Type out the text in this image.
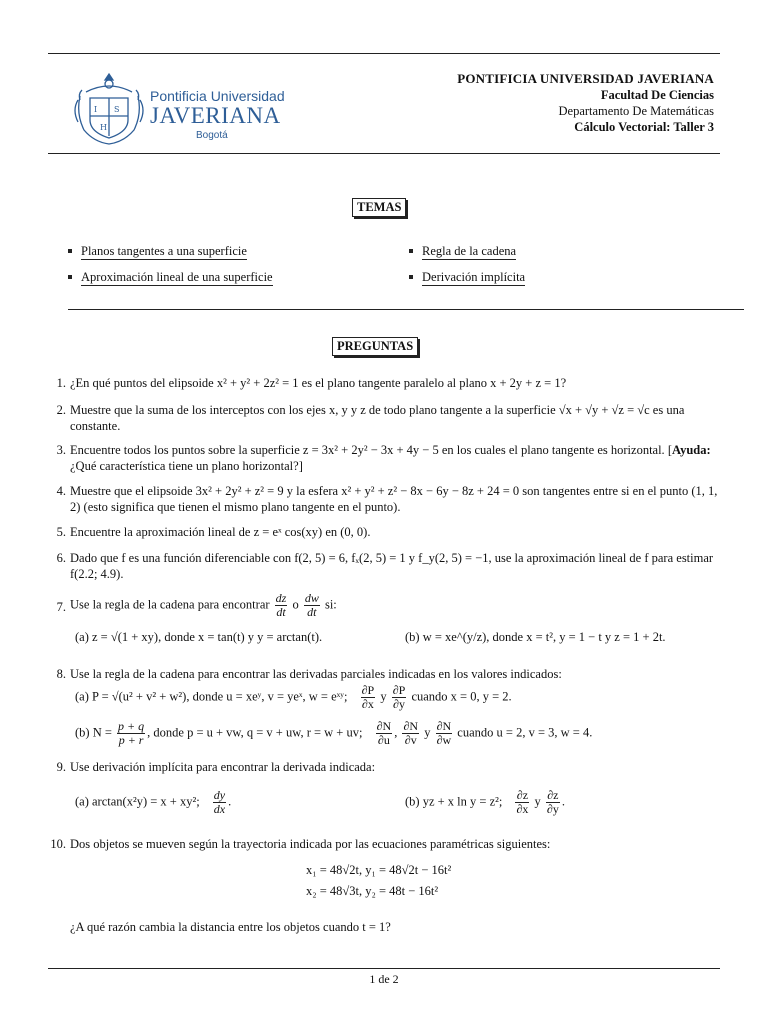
I S
H
Pontificia Universidad
JAVERIANA
Bogotá
PONTIFICIA UNIVERSIDAD JAVERIANA
Facultad De Ciencias
Departamento De Matemáticas
Cálculo Vectorial: Taller 3
TEMAS
Planos tangentes a una superficie
Aproximación lineal de una superficie
Regla de la cadena
Derivación implícita
PREGUNTAS
1. ¿En qué puntos del elipsoide x² + y² + 2z² = 1 es el plano tangente paralelo al plano x + 2y + z = 1?
2. Muestre que la suma de los interceptos con los ejes x, y y z de todo plano tangente a la superficie √x + √y + √z = √c es una constante.
3. Encuentre todos los puntos sobre la superficie z = 3x² + 2y² − 3x + 4y − 5 en los cuales el plano tangente es horizontal. [Ayuda: ¿Qué característica tiene un plano horizontal?]
4. Muestre que el elipsoide 3x² + 2y² + z² = 9 y la esfera x² + y² + z² − 8x − 6y − 8z + 24 = 0 son tangentes entre si en el punto (1, 1, 2) (esto significa que tienen el mismo plano tangente en el punto).
5. Encuentre la aproximación lineal de z = eˣ cos(xy) en (0, 0).
6. Dado que f es una función diferenciable con f(2, 5) = 6, fₓ(2, 5) = 1 y f_y(2, 5) = −1, use la aproximación lineal de f para estimar f(2.2; 4.9).
7. Use la regla de la cadena para encontrar $\frac{dz}{dt}$ o $\frac{dw}{dt}$ si:
(a) z = √(1 + xy), donde x = tan(t) y y = arctan(t).	(b) w = xe^(y/z), donde x = t², y = 1 − t y z = 1 + 2t.
8. Use la regla de la cadena para encontrar las derivadas parciales indicadas en los valores indicados:
(a) P = √(u² + v² + w²), donde u = xeʸ, v = yeˣ, w = eˣʸ; $\frac{\partial P}{\partial x}$ y $\frac{\partial P}{\partial y}$ cuando x = 0, y = 2.
(b) $N = \frac{p + q}{p + r}$ , donde p = u + vw, q = v + uw, r = w + uv; $\frac{\partial N}{\partial u}$ , $\frac{\partial N}{\partial v}$ y $\frac{\partial N}{\partial w}$ cuando u = 2, v = 3, w = 4.
9. Use derivación implícita para encontrar la derivada indicada:
(a) arctan(x²y) = x + xy²; $\frac{dy}{dx}$ .	(b) yz + x ln y = z²; $\frac{\partial z}{\partial x}$ y $\frac{\partial z}{\partial y}$ .
10. Dos objetos se mueven según la trayectoria indicada por las ecuaciones paramétricas siguientes:
x₁ = 48√2t, y₁ = 48√2t − 16t²
x₂ = 48√3t, y₂ = 48t − 16t²
¿A qué razón cambia la distancia entre los objetos cuando t = 1?
1 de 2
